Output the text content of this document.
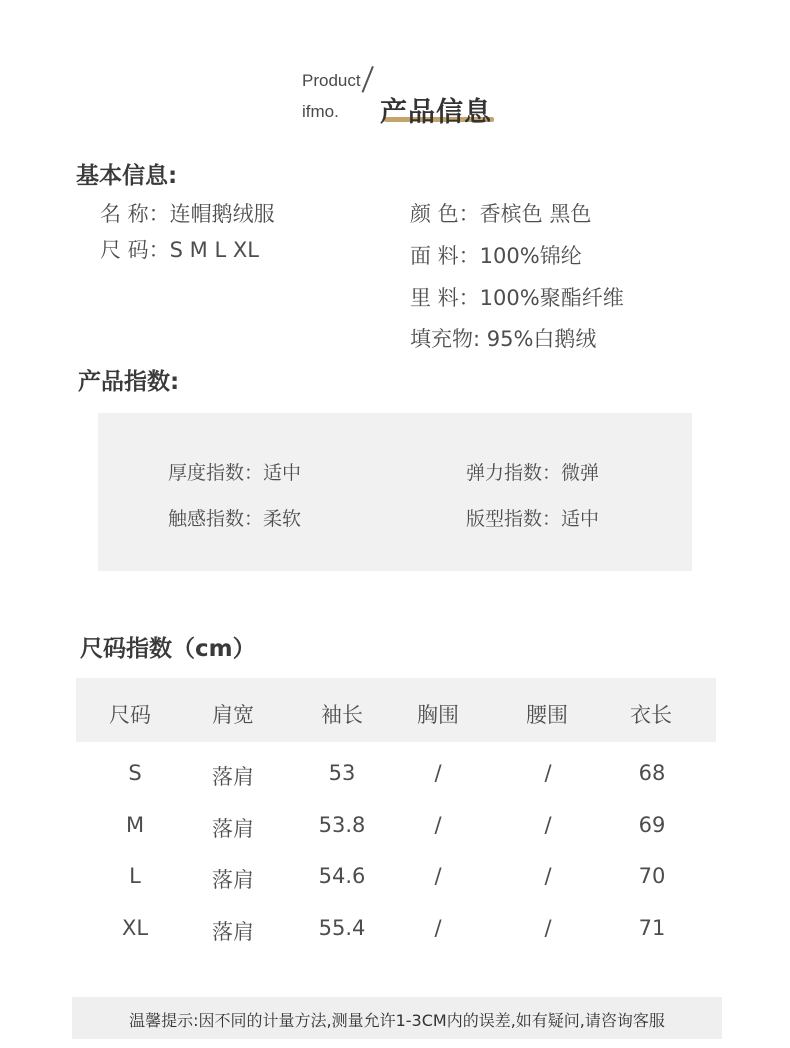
Product
ifmo. 产品信息
基本信息:
名 称：连帽鹅绒服
尺 码：S M L XL
颜 色：香槟色 黑色
面 料：100%锦纶
里 料：100%聚酯纤维
填充物: 95%白鹅绒
产品指数:
厚度指数：适中	弹力指数：微弹
触感指数：柔软	版型指数：适中
尺码指数（cm）
尺码	肩宽	袖长	胸围	腰围	衣长
S	落肩	53	/	/	68
M	落肩	53.8	/	/	69
L	落肩	54.6	/	/	70
XL	落肩	55.4	/	/	71
温馨提示:因不同的计量方法,测量允许1-3CM内的误差,如有疑问,请咨询客服
